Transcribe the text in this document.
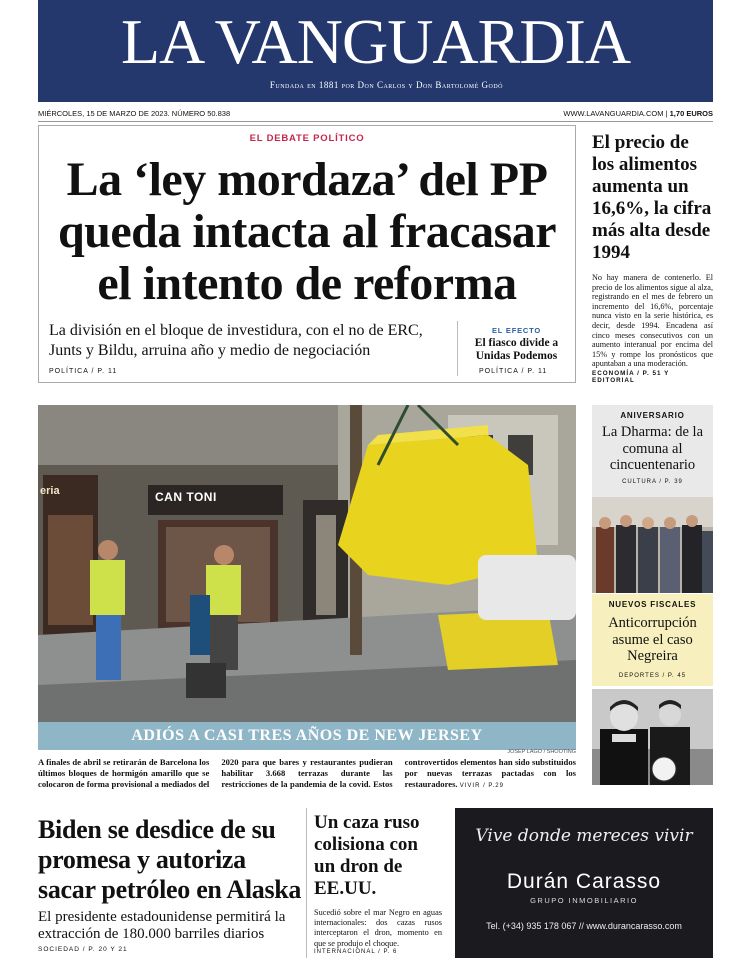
LA VANGUARDIA
Fundada en 1881 por Don Carlos y Don Bartolomé Godó
MIÉRCOLES, 15 DE MARZO DE 2023. NÚMERO 50.838	WWW.LAVANGUARDIA.COM | 1,70 EUROS
EL DEBATE POLÍTICO
La ‘ley mordaza’ del PP queda intacta al fracasar el intento de reforma
La división en el bloque de investidura, con el no de ERC, Junts y Bildu, arruina año y medio de negociación
POLÍTICA / P. 11
EL EFECTO
El fiasco divide a Unidas Podemos
POLÍTICA / P. 11
El precio de los alimentos aumenta un 16,6%, la cifra más alta desde 1994
No hay manera de contenerlo. El precio de los alimentos sigue al alza, registrando en el mes de febrero un incremento del 16,6%, porcentaje nunca visto en la serie histórica, es decir, desde 1994. Encadena así cinco meses consecutivos con un aumento interanual por encima del 15% y rompe los pronósticos que apuntaban a una moderación.
ECONOMÍA / P. 51 Y EDITORIAL
CAN TONI
eria
ADIÓS A CASI TRES AÑOS DE NEW JERSEY
JOSEP LAGO / SHOOTING
A finales de abril se retirarán de Barcelona los últimos bloques de hormigón amarillo que se colocaron de forma provisional a mediados del 2020 para que bares y restaurantes pudieran habilitar 3.668 terrazas durante las restricciones de la pandemia de la covid. Estos controvertidos elementos han sido substituidos por nuevas terrazas pactadas con los restauradores. VIVIR / P.29
ANIVERSARIO
La Dharma: de la comuna al cincuentenario
CULTURA / P. 39
NUEVOS FISCALES
Anticorrupción asume el caso Negreira
DEPORTES / P. 45
Biden se desdice de su promesa y autoriza sacar petróleo en Alaska
El presidente estadounidense permitirá la extracción de 180.000 barriles diarios
SOCIEDAD / P. 20 Y 21
Un caza ruso colisiona con un dron de EE.UU.
Sucedió sobre el mar Negro en aguas internacionales: dos cazas rusos interceptaron el dron, momento en que se produjo el choque.
INTERNACIONAL / P. 6
Vive donde mereces vivir
Durán Carasso
GRUPO INMOBILIARIO
Tel. (+34) 935 178 067 // www.durancarasso.com
